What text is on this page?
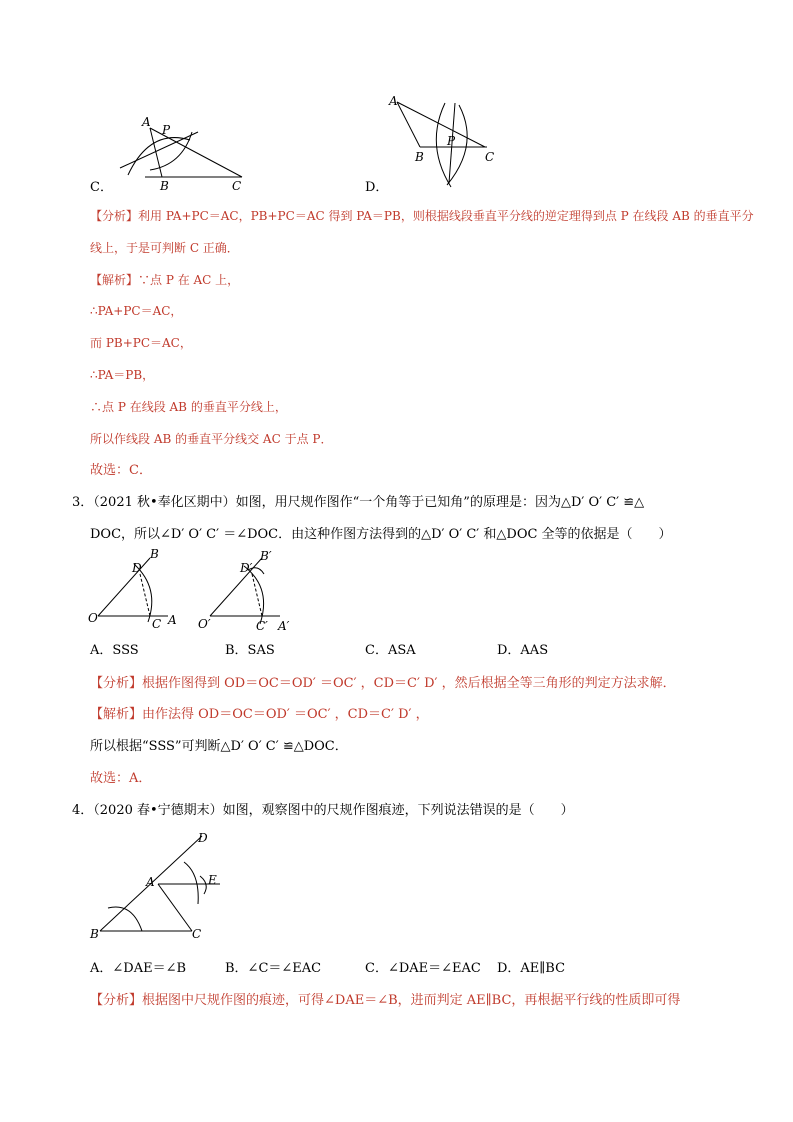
A
P
B	C
A
B
P
C
C．	D．
【分析】利用 PA+PC＝AC，PB+PC＝AC 得到 PA＝PB，则根据线段垂直平分线的逆定理得到点 P 在线段 AB 的垂直平分
线上，于是可判断 C 正确．
【解析】∵点 P 在 AC 上，
∴PA+PC＝AC，
而 PB+PC＝AC，
∴PA＝PB，
∴点 P 在线段 AB 的垂直平分线上，
所以作线段 AB 的垂直平分线交 AC 于点 P．
故选：C．
3．（2021 秋•奉化区期中）如图，用尺规作图作“一个角等于已知角”的原理是：因为△D′ O′ C′ ≌△
DOC，所以∠D′ O′ C′ ＝∠DOC．由这种作图方法得到的△D′ O′ C′ 和△DOC 全等的依据是（　　）
O	C A
D
B
O′	C′ A′
D′
B′
A．SSS	B．SAS	C．ASA	D．AAS
【分析】根据作图得到 OD＝OC＝OD′ ＝OC′ ，CD＝C′ D′ ，然后根据全等三角形的判定方法求解．
【解析】由作法得 OD＝OC＝OD′ ＝OC′ ，CD＝C′ D′ ，
所以根据“SSS”可判断△D′ O′ C′ ≌△DOC．
故选：A．
4．（2020 春•宁德期末）如图，观察图中的尺规作图痕迹，下列说法错误的是（　　）
D
A	E
B	C
A．∠DAE＝∠B	B．∠C＝∠EAC	C．∠DAE＝∠EAC D．AE∥BC
【分析】根据图中尺规作图的痕迹，可得∠DAE＝∠B，进而判定 AE∥BC，再根据平行线的性质即可得
